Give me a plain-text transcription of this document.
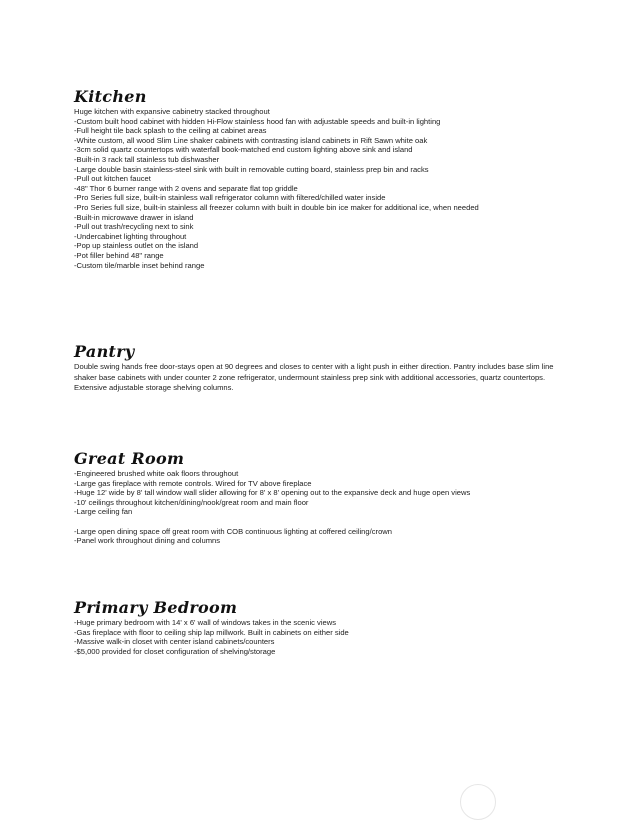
Kitchen
Huge kitchen with expansive cabinetry stacked throughout
-Custom built hood cabinet with hidden Hi-Flow stainless hood fan with adjustable speeds and built-in lighting
-Full height tile back splash to the ceiling at cabinet areas
-White custom, all wood Slim Line shaker cabinets with contrasting island cabinets in Rift Sawn white oak
-3cm solid quartz countertops with waterfall book-matched end custom lighting above sink and island
-Built-in 3 rack tall stainless tub dishwasher
-Large double basin stainless-steel sink with built in removable cutting board, stainless prep bin and racks
-Pull out kitchen faucet
-48" Thor 6 burner range with 2 ovens and separate flat top griddle
-Pro Series full size, built-in stainless wall refrigerator column with filtered/chilled water inside
-Pro Series full size, built-in stainless all freezer column with built in double bin ice maker for additional ice, when needed
-Built-in microwave drawer in island
-Pull out trash/recycling next to sink
-Undercabinet lighting throughout
-Pop up stainless outlet on the island
-Pot filler behind 48" range
-Custom tile/marble inset behind range
Pantry

Double swing hands free door-stays open at 90 degrees and closes to center with a light push in either direction. Pantry includes base slim line shaker base cabinets with under counter 2 zone refrigerator, undermount stainless prep sink with additional accessories, quartz countertops. Extensive adjustable storage shelving columns.

Great Room
-Engineered brushed white oak floors throughout
-Large gas fireplace with remote controls. Wired for TV above fireplace
-Huge 12' wide by 8' tall window wall slider allowing for 8' x 8' opening out to the expansive deck and huge open views
-10' ceilings throughout kitchen/dining/nook/great room and main floor
-Large ceiling fan
-Large open dining space off great room with COB continuous lighting at coffered ceiling/crown
-Panel work throughout dining and columns
Primary Bedroom
-Huge primary bedroom with 14' x 6' wall of windows takes in the scenic views
-Gas fireplace with floor to ceiling ship lap millwork. Built in cabinets on either side
-Massive walk-in closet with center island cabinets/counters
-$5,000 provided for closet configuration of shelving/storage
